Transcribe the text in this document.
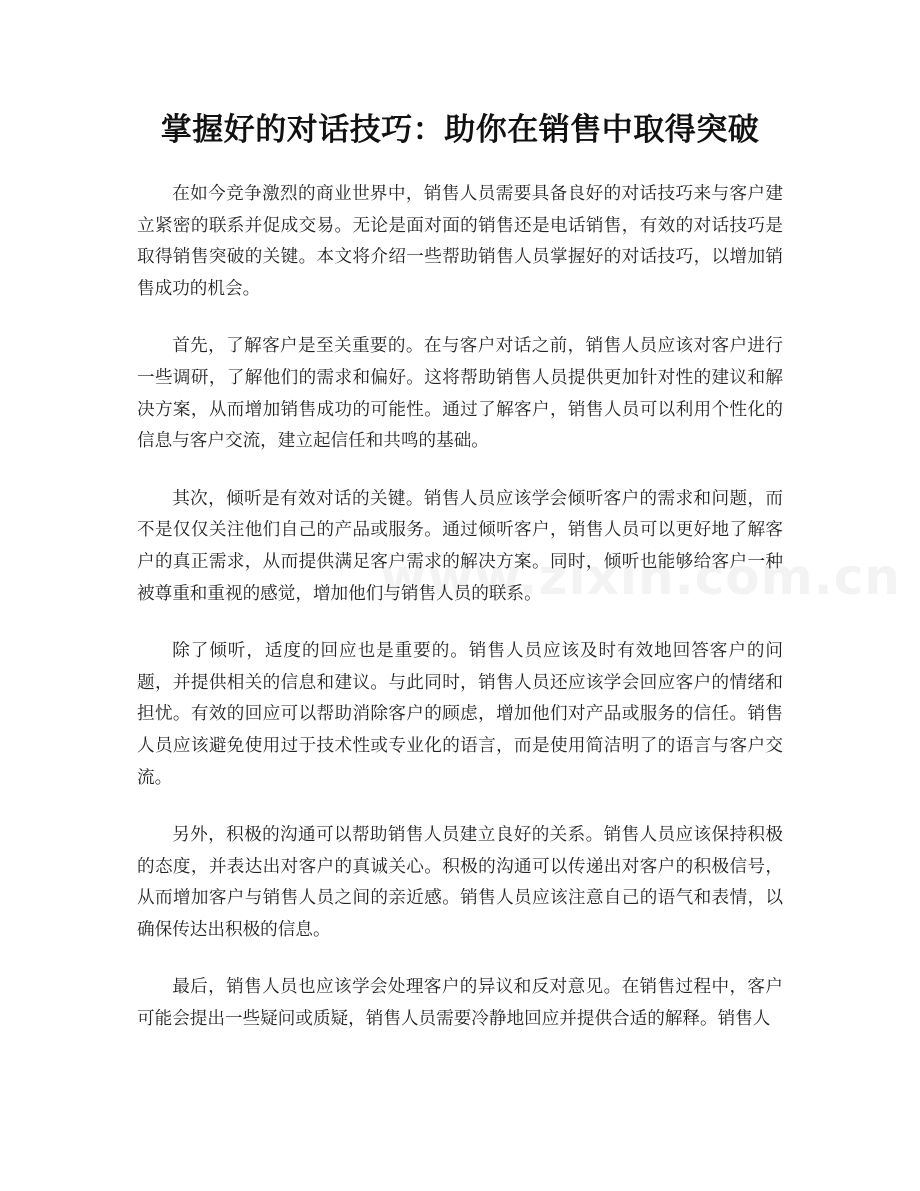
掌握好的对话技巧：助你在销售中取得突破

在如今竞争激烈的商业世界中，销售人员需要具备良好的对话技巧来与客户建立紧密的联系并促成交易。无论是面对面的销售还是电话销售，有效的对话技巧是取得销售突破的关键。本文将介绍一些帮助销售人员掌握好的对话技巧，以增加销售成功的机会。

首先，了解客户是至关重要的。在与客户对话之前，销售人员应该对客户进行一些调研，了解他们的需求和偏好。这将帮助销售人员提供更加针对性的建议和解决方案，从而增加销售成功的可能性。通过了解客户，销售人员可以利用个性化的信息与客户交流，建立起信任和共鸣的基础。

其次，倾听是有效对话的关键。销售人员应该学会倾听客户的需求和问题，而不是仅仅关注他们自己的产品或服务。通过倾听客户，销售人员可以更好地了解客户的真正需求，从而提供满足客户需求的解决方案。同时，倾听也能够给客户一种被尊重和重视的感觉，增加他们与销售人员的联系。

除了倾听，适度的回应也是重要的。销售人员应该及时有效地回答客户的问题，并提供相关的信息和建议。与此同时，销售人员还应该学会回应客户的情绪和担忧。有效的回应可以帮助消除客户的顾虑，增加他们对产品或服务的信任。销售人员应该避免使用过于技术性或专业化的语言，而是使用简洁明了的语言与客户交流。

另外，积极的沟通可以帮助销售人员建立良好的关系。销售人员应该保持积极的态度，并表达出对客户的真诚关心。积极的沟通可以传递出对客户的积极信号，从而增加客户与销售人员之间的亲近感。销售人员应该注意自己的语气和表情，以确保传达出积极的信息。

最后，销售人员也应该学会处理客户的异议和反对意见。在销售过程中，客户可能会提出一些疑问或质疑，销售人员需要冷静地回应并提供合适的解释。销售人
